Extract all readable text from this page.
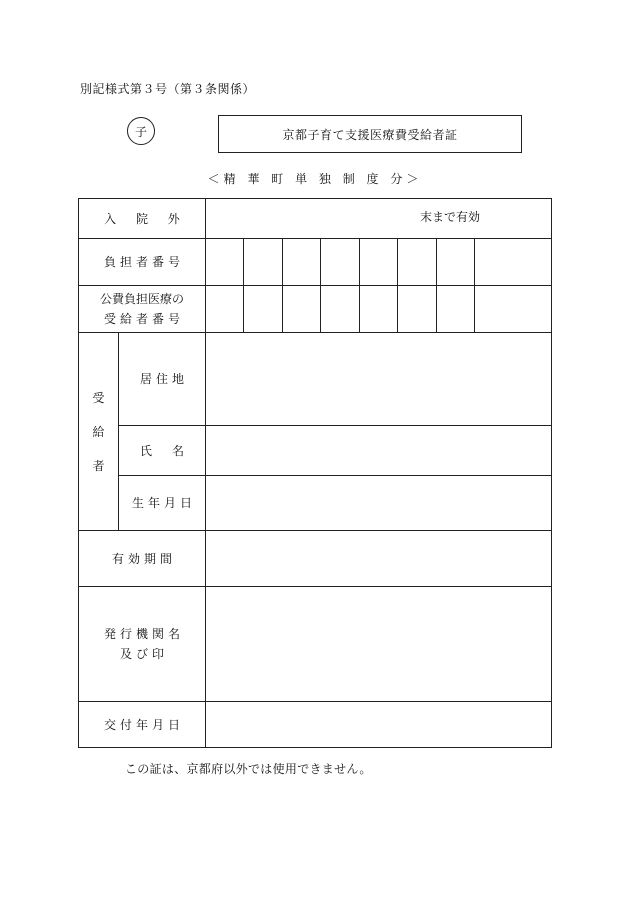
別記様式第３号（第３条関係）
子	京都子育て支援医療費受給者証
＜精 華 町 単 独 制 度 分＞
入 院 外	末まで有効
負担者番号
公費負担医療の
受給者番号
受
給
者
居住地
氏　名
生年月日
有効期間
発行機関名
及び印
交付年月日
この証は、京都府以外では使用できません。
